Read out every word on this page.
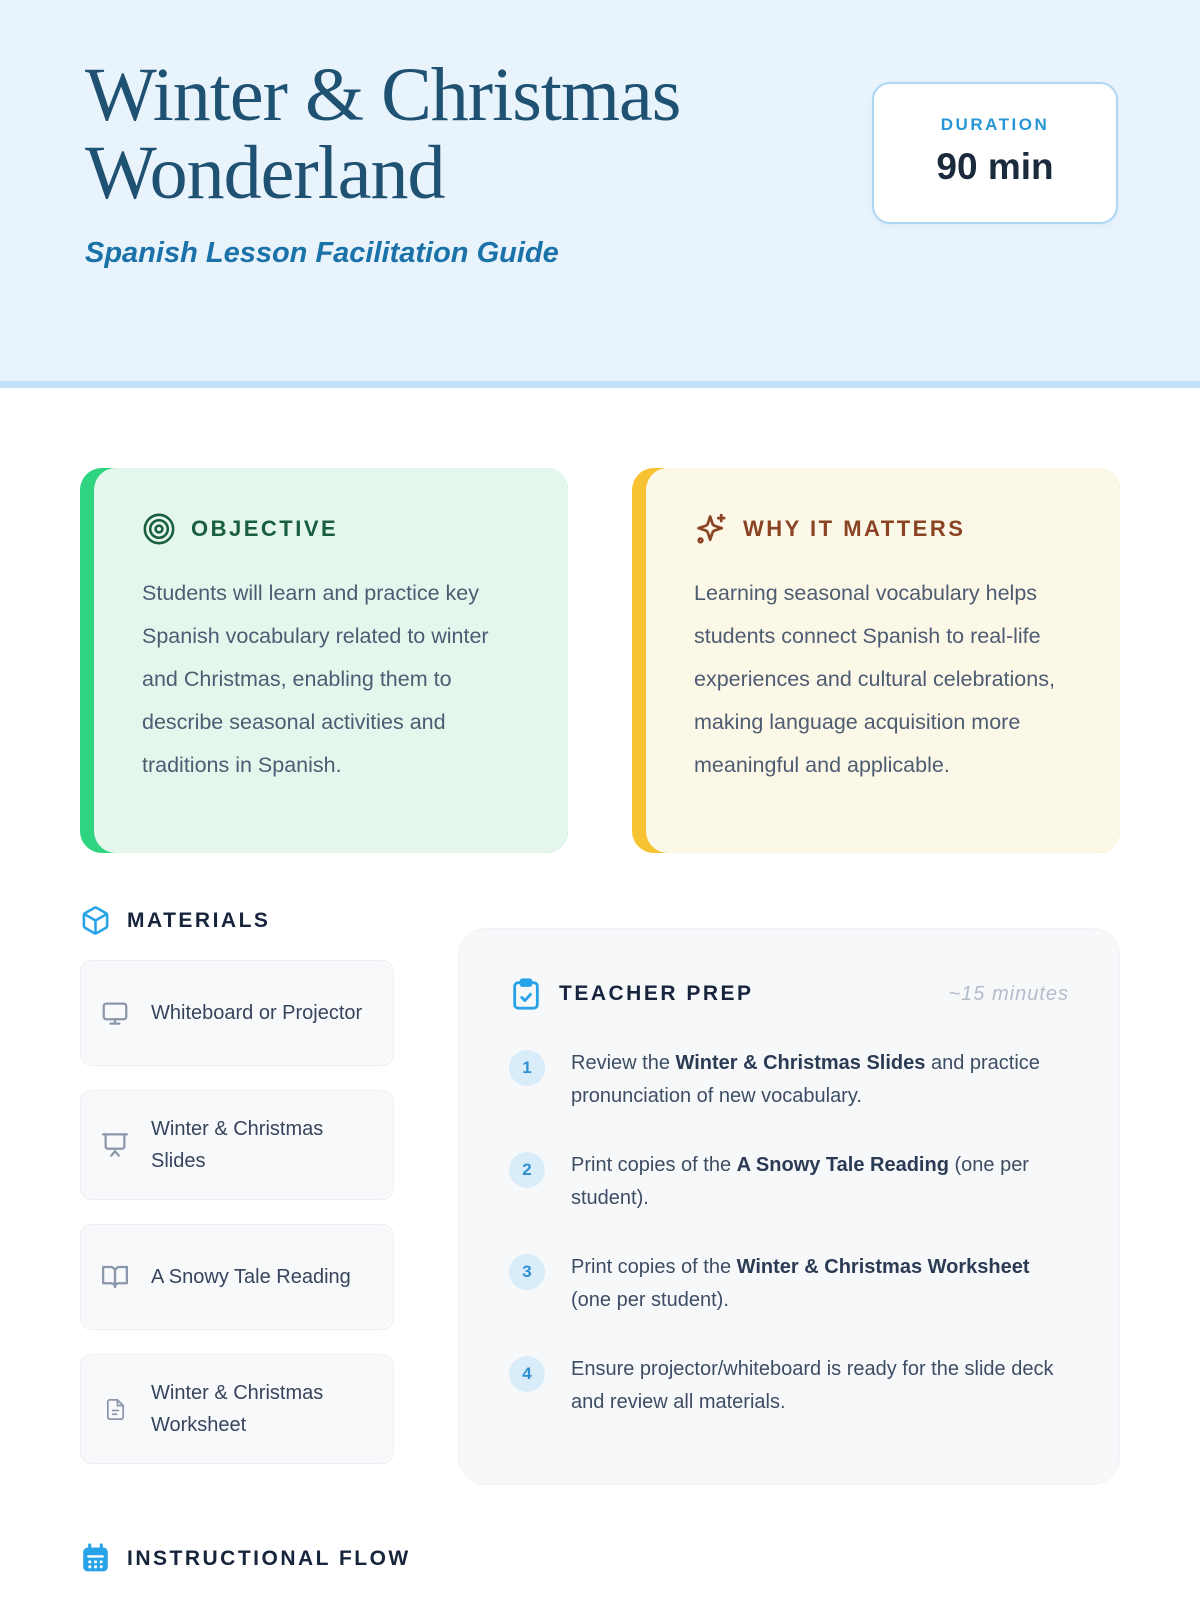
Winter & Christmas
Wonderland
Spanish Lesson Facilitation Guide
DURATION
90 min
OBJECTIVE
Students will learn and practice key Spanish vocabulary related to winter and Christmas, enabling them to describe seasonal activities and traditions in Spanish.
WHY IT MATTERS
Learning seasonal vocabulary helps students connect Spanish to real-life experiences and cultural celebrations, making language acquisition more meaningful and applicable.
MATERIALS
Whiteboard or Projector
Winter & Christmas Slides
A Snowy Tale Reading
Winter & Christmas Worksheet
TEACHER PREP	~15 minutes
1	Review the Winter & Christmas Slides and practice pronunciation of new vocabulary.
2	Print copies of the A Snowy Tale Reading (one per student).
3	Print copies of the Winter & Christmas Worksheet (one per student).
4	Ensure projector/whiteboard is ready for the slide deck and review all materials.
INSTRUCTIONAL FLOW
